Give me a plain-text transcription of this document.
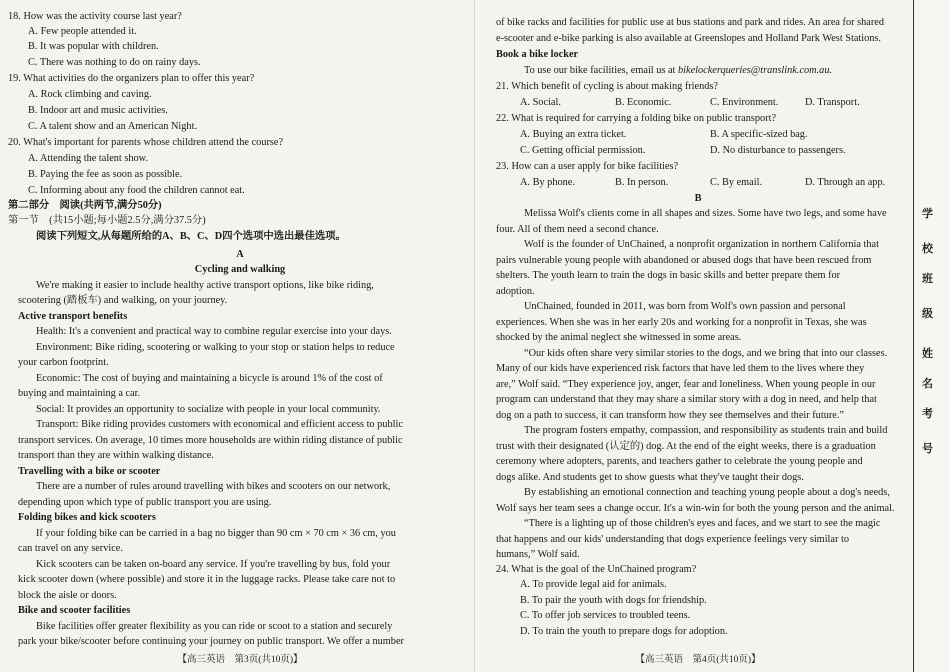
18. How was the activity course last year?
A. Few people attended it.
B. It was popular with children.
C. There was nothing to do on rainy days.
19. What activities do the organizers plan to offer this year?
A. Rock climbing and caving.
B. Indoor art and music activities.
C. A talent show and an American Night.
20. What's important for parents whose children attend the course?
A. Attending the talent show.
B. Paying the fee as soon as possible.
C. Informing about any food the children cannot eat.
第二部分　阅读(共两节,满分50分)
第一节　(共15小题;每小题2.5分,满分37.5分)
阅读下列短文,从每题所给的A、B、C、D四个选项中选出最佳选项。
A
Cycling and walking
We're making it easier to include healthy active transport options, like bike riding,
scootering (踏板车) and walking, on your journey.
Active transport benefits
Health: It's a convenient and practical way to combine regular exercise into your days.
Environment: Bike riding, scootering or walking to your stop or station helps to reduce
your carbon footprint.
Economic: The cost of buying and maintaining a bicycle is around 1% of the cost of
buying and maintaining a car.
Social: It provides an opportunity to socialize with people in your local community.
Transport: Bike riding provides customers with economical and efficient access to public
transport services. On average, 10 times more households are within riding distance of public
transport than they are within walking distance.
Travelling with a bike or scooter
There are a number of rules around travelling with bikes and scooters on our network,
depending upon which type of public transport you are using.
Folding bikes and kick scooters
If your folding bike can be carried in a bag no bigger than 90 cm × 70 cm × 36 cm, you
can travel on any service.
Kick scooters can be taken on-board any service. If you're travelling by bus, fold your
kick scooter down (where possible) and store it in the luggage racks. Please take care not to
block the aisle or doors.
Bike and scooter facilities
Bike facilities offer greater flexibility as you can ride or scoot to a station and securely
park your bike/scooter before continuing your journey on public transport. We offer a number
【高三英语　第3页(共10页)】
of bike racks and facilities for public use at bus stations and park and rides. An area for shared
e-scooter and e-bike parking is also available at Greenslopes and Holland Park West Stations.
Book a bike locker
To use our bike facilities, email us at bikelockerqueries@translink.com.au.
21. Which benefit of cycling is about making friends?
A. Social.	B. Economic.	C. Environment.	D. Transport.
22. What is required for carrying a folding bike on public transport?
A. Buying an extra ticket.	B. A specific-sized bag.
C. Getting official permission.	D. No disturbance to passengers.
23. How can a user apply for bike facilities?
A. By phone.	B. In person.	C. By email.	D. Through an app.
B
Melissa Wolf's clients come in all shapes and sizes. Some have two legs, and some have
four. All of them need a second chance.
Wolf is the founder of UnChained, a nonprofit organization in northern California that
pairs vulnerable young people with abandoned or abused dogs that have been rescued from
shelters. The youth learn to train the dogs in basic skills and better prepare them for
adoption.
UnChained, founded in 2011, was born from Wolf's own passion and personal
experiences. When she was in her early 20s and working for a nonprofit in Texas, she was
shocked by the animal neglect she witnessed in some areas.
“Our kids often share very similar stories to the dogs, and we bring that into our classes.
Many of our kids have experienced risk factors that have led them to the lives where they
are,” Wolf said. “They experience joy, anger, fear and loneliness. When young people in our
program can understand that they may share a similar story with a dog in need, and help that
dog on a path to success, it can transform how they see themselves and their future.”
The program fosters empathy, compassion, and responsibility as students train and build
trust with their designated (认定的) dog. At the end of the eight weeks, there is a graduation
ceremony where adopters, parents, and teachers gather to celebrate the young people and
dogs alike. And students get to show guests what they've taught their dogs.
By establishing an emotional connection and teaching young people about a dog's needs,
Wolf says her team sees a change occur. It's a win-win for both the young person and the animal.
“There is a lighting up of those children's eyes and faces, and we start to see the magic
that happens and our kids' understanding that dogs experience feelings very similar to
humans,” Wolf said.
24. What is the goal of the UnChained program?
A. To provide legal aid for animals.
B. To pair the youth with dogs for friendship.
C. To offer job services to troubled teens.
D. To train the youth to prepare dogs for adoption.
【高三英语　第4页(共10页)】
学
校
班
级
姓
名
考
号
